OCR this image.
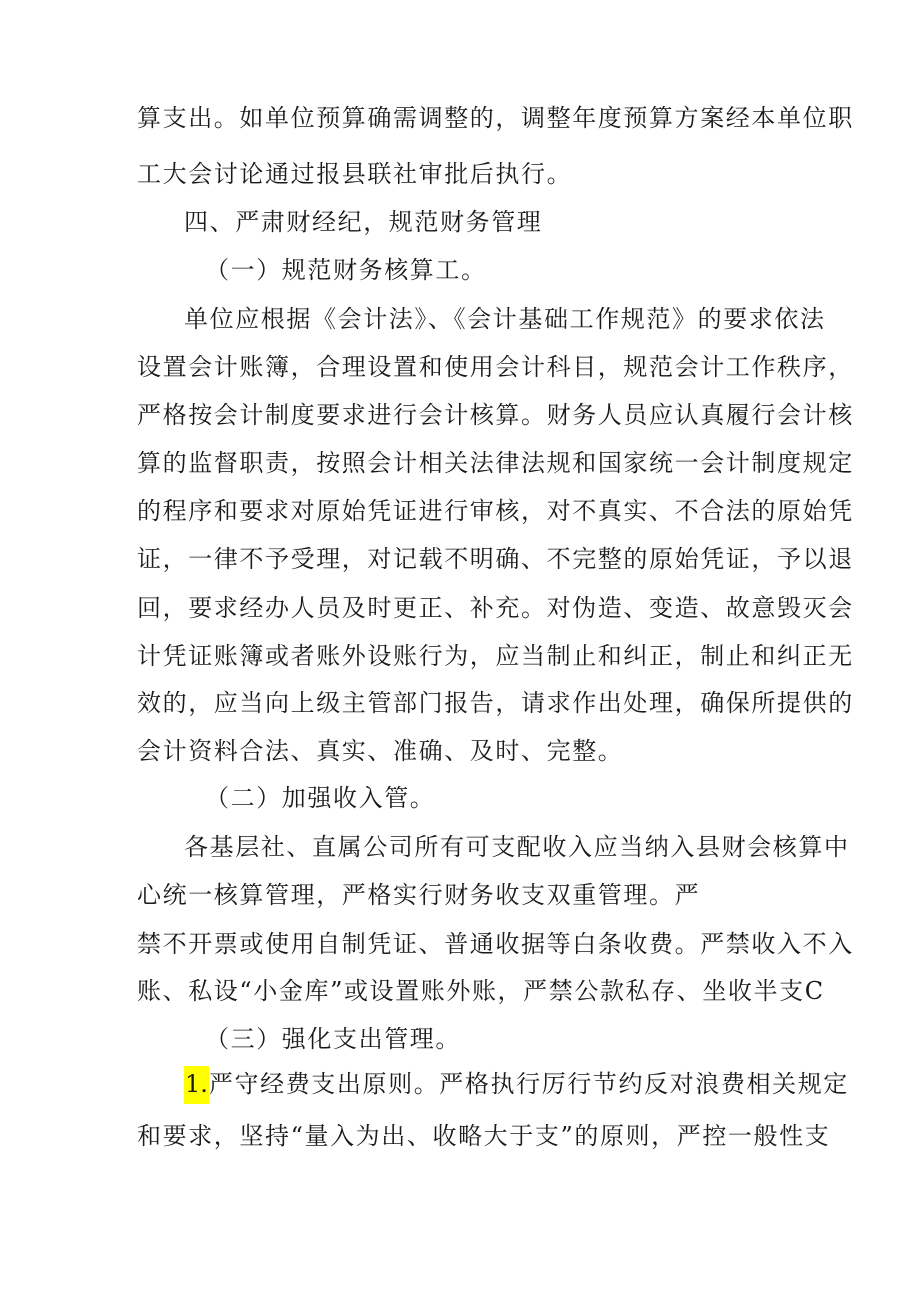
算支出。如单位预算确需调整的，调整年度预算方案经本单位职
工大会讨论通过报县联社审批后执行。
四、严肃财经纪，规范财务管理
（一）规范财务核算工。
单位应根据《会计法》、《会计基础工作规范》的要求依法
设置会计账簿，合理设置和使用会计科目，规范会计工作秩序，
严格按会计制度要求进行会计核算。财务人员应认真履行会计核
算的监督职责，按照会计相关法律法规和国家统一会计制度规定
的程序和要求对原始凭证进行审核，对不真实、不合法的原始凭
证，一律不予受理，对记载不明确、不完整的原始凭证，予以退
回，要求经办人员及时更正、补充。对伪造、变造、故意毁灭会
计凭证账簿或者账外设账行为，应当制止和纠正，制止和纠正无
效的，应当向上级主管部门报告，请求作出处理，确保所提供的
会计资料合法、真实、准确、及时、完整。
（二）加强收入管。
各基层社、直属公司所有可支配收入应当纳入县财会核算中
心统一核算管理，严格实行财务收支双重管理。严
禁不开票或使用自制凭证、普通收据等白条收费。严禁收入不入
账、私设“小金库”或设置账外账，严禁公款私存、坐收半支C
（三）强化支出管理。
1.严守经费支出原则。严格执行厉行节约反对浪费相关规定
和要求，坚持“量入为出、收略大于支”的原则，严控一般性支
